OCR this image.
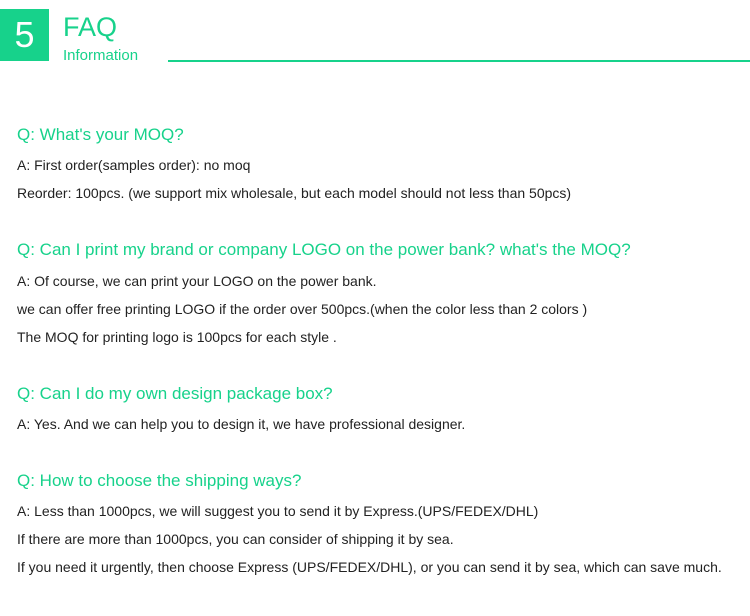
5	FAQ

Information

Q: What's your MOQ?

A: First order(samples order): no moq

Reorder: 100pcs. (we support mix wholesale, but each model should not less than 50pcs)

Q: Can I print my brand or company LOGO on the power bank? what's the MOQ?

A: Of course, we can print your LOGO on the power bank.

we can offer free printing LOGO if the order over 500pcs.(when the color less than 2 colors )

The MOQ for printing logo is 100pcs for each style .

Q: Can I do my own design package box?

A: Yes. And we can help you to design it, we have professional designer.

Q: How to choose the shipping ways?

A: Less than 1000pcs, we will suggest you to send it by Express.(UPS/FEDEX/DHL)

If there are more than 1000pcs, you can consider of shipping it by sea.

If you need it urgently, then choose Express (UPS/FEDEX/DHL), or you can send it by sea, which can save much.
